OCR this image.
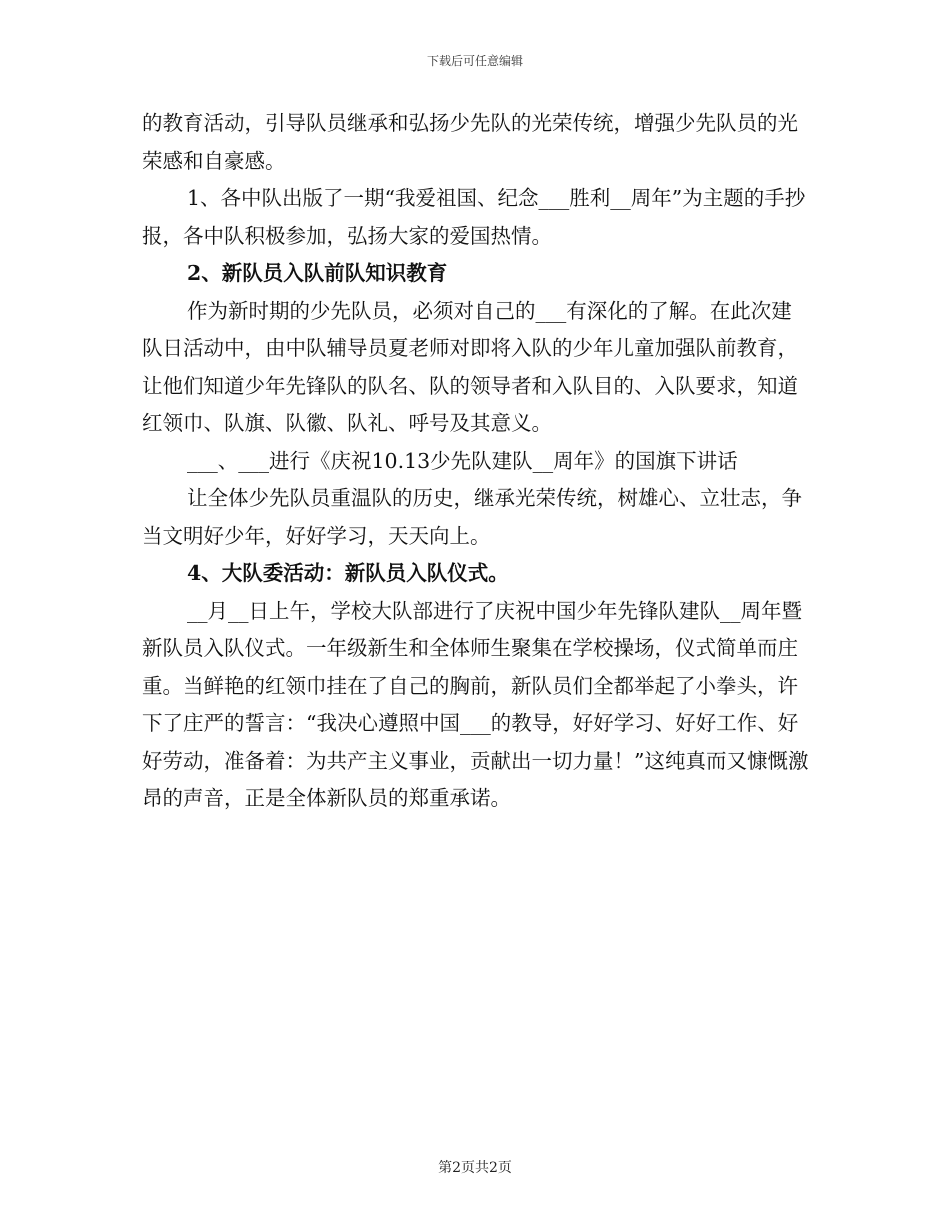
下载后可任意编辑

的教育活动，引导队员继承和弘扬少先队的光荣传统，增强少先队员的光荣感和自豪感。

1、各中队出版了一期“我爱祖国、纪念___胜利__周年”为主题的手抄报，各中队积极参加，弘扬大家的爱国热情。

2、新队员入队前队知识教育

作为新时期的少先队员，必须对自己的___有深化的了解。在此次建队日活动中，由中队辅导员夏老师对即将入队的少年儿童加强队前教育，让他们知道少年先锋队的队名、队的领导者和入队目的、入队要求，知道红领巾、队旗、队徽、队礼、呼号及其意义。

___、___进行《庆祝10.13少先队建队__周年》的国旗下讲话

让全体少先队员重温队的历史，继承光荣传统，树雄心、立壮志，争当文明好少年，好好学习，天天向上。

4、大队委活动：新队员入队仪式。

__月__日上午，学校大队部进行了庆祝中国少年先锋队建队__周年暨新队员入队仪式。一年级新生和全体师生聚集在学校操场，仪式简单而庄重。当鲜艳的红领巾挂在了自己的胸前，新队员们全都举起了小拳头，许下了庄严的誓言：“我决心遵照中国___的教导，好好学习、好好工作、好好劳动，准备着：为共产主义事业，贡献出一切力量！”这纯真而又慷慨激昂的声音，正是全体新队员的郑重承诺。

第2页共2页
